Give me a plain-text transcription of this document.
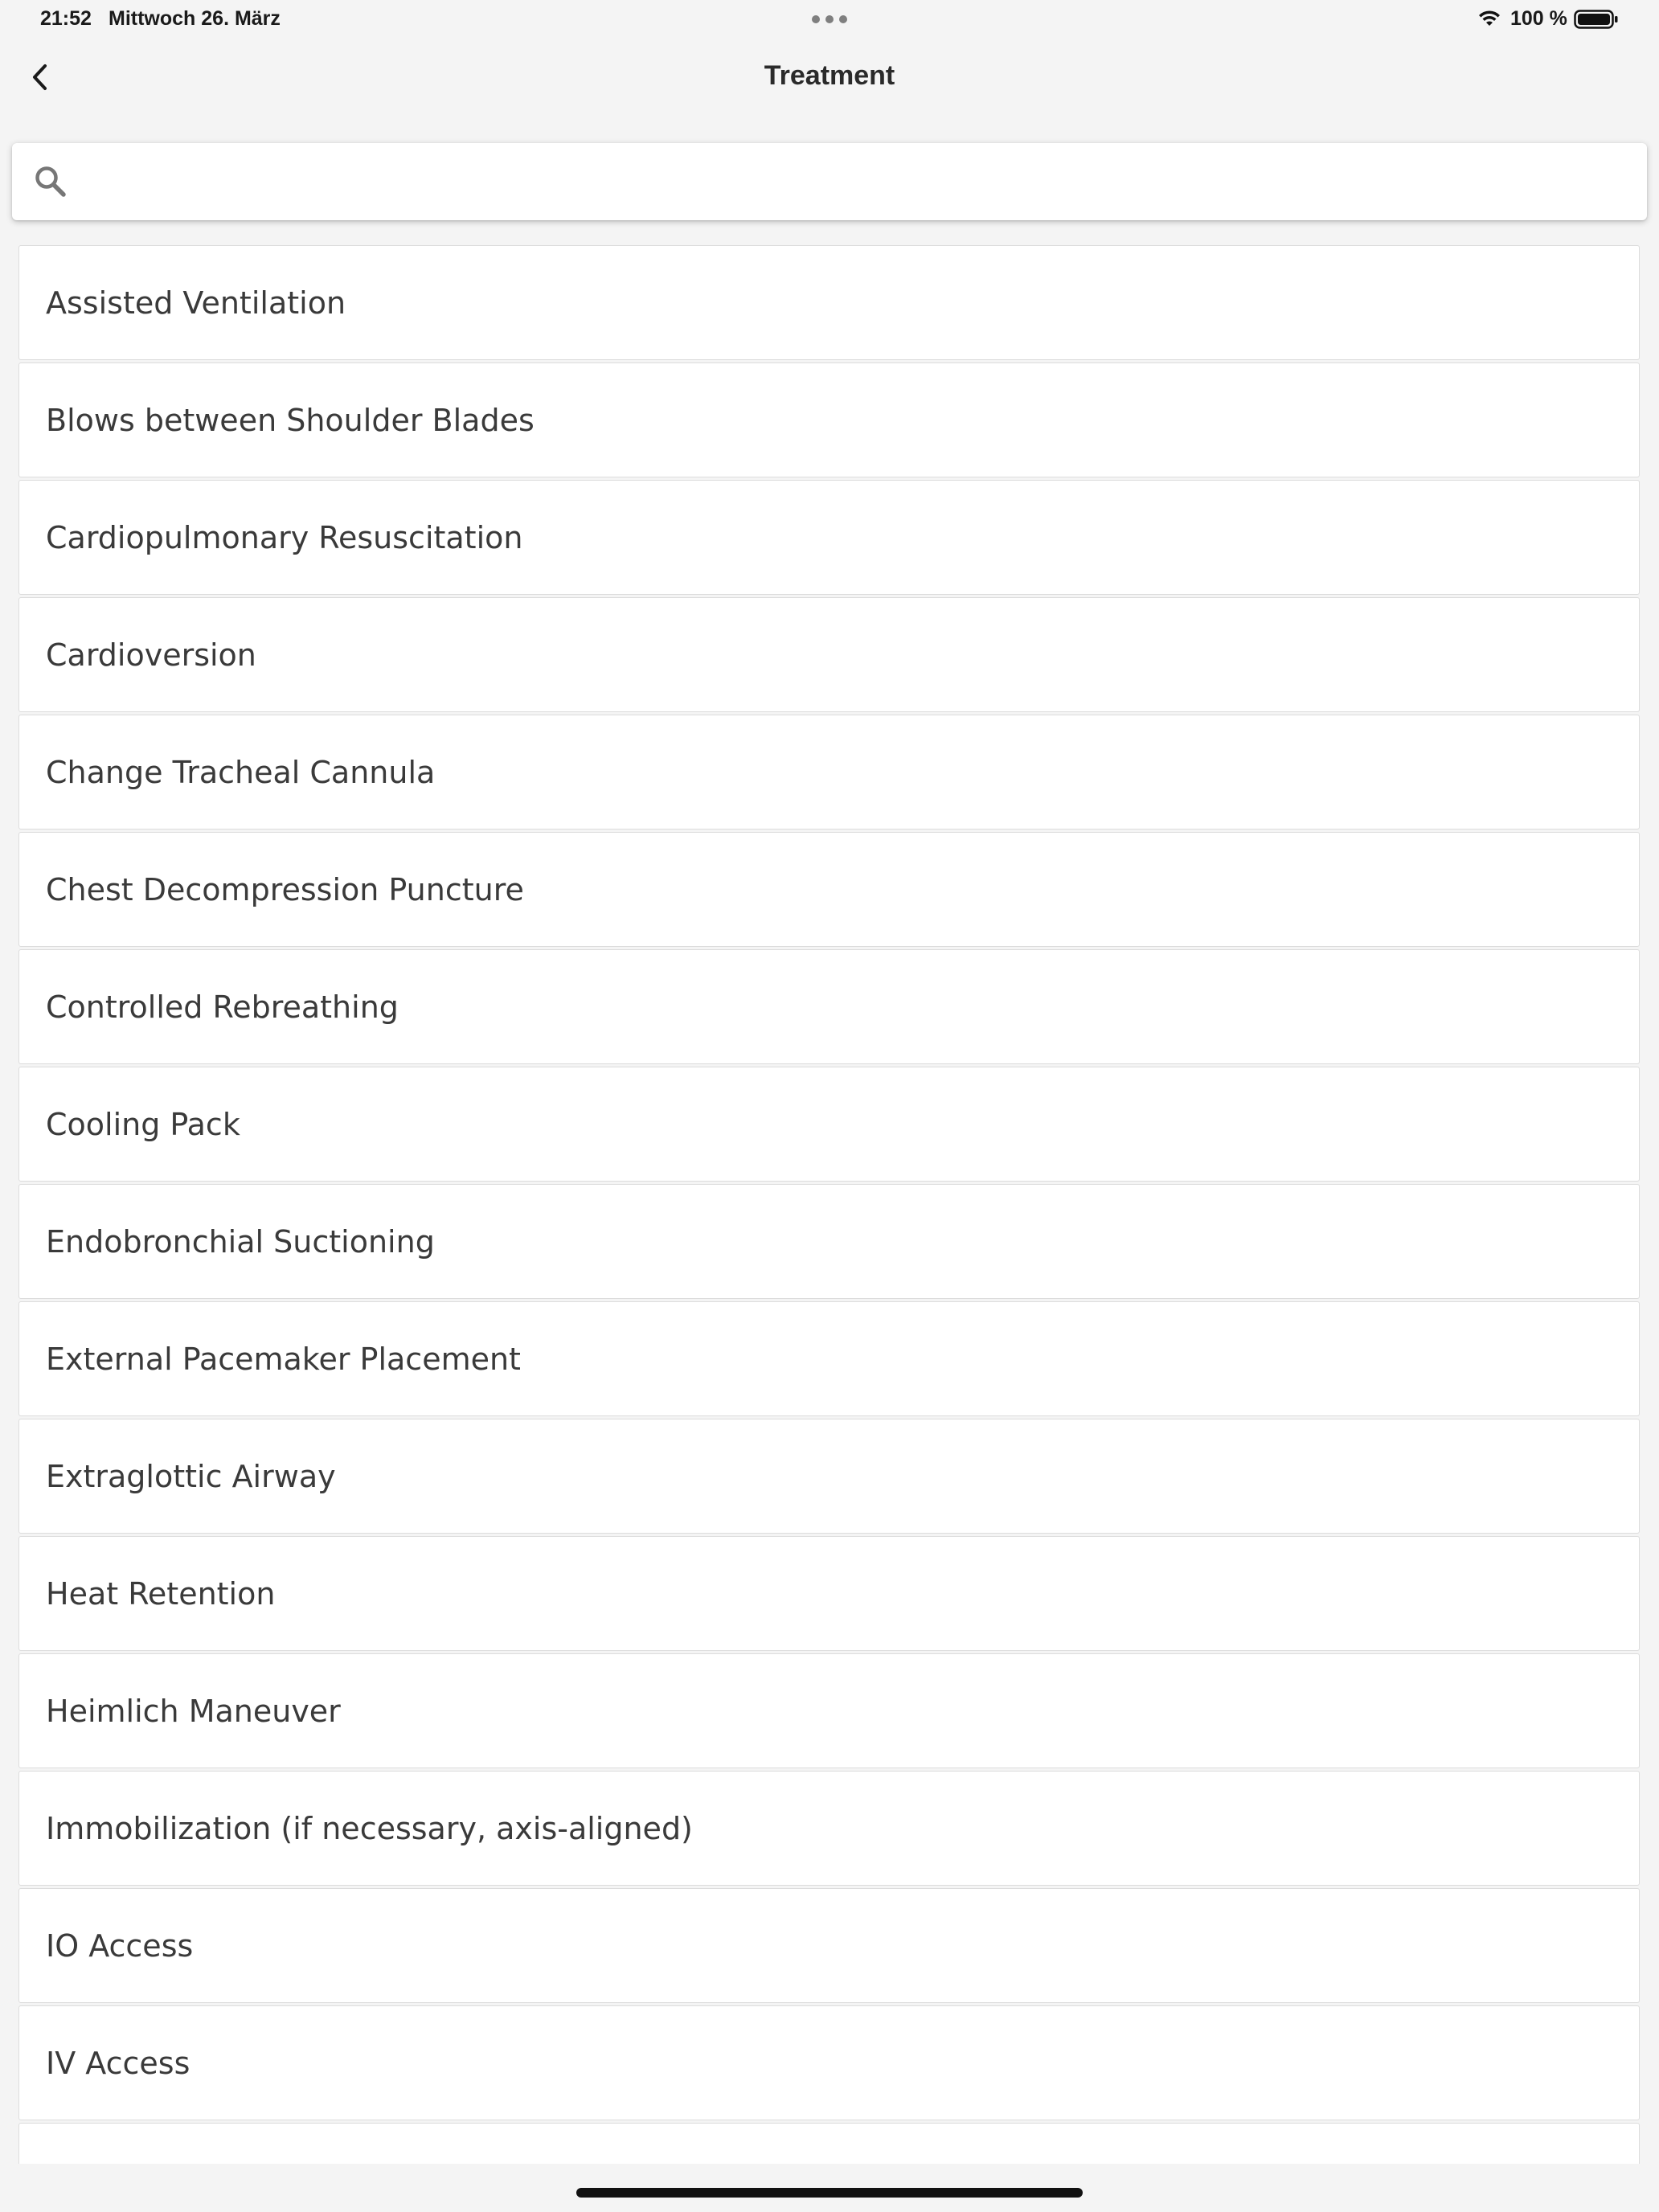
21:52 Mittwoch 26. März	100 %
Treatment
Assisted Ventilation
Blows between Shoulder Blades
Cardiopulmonary Resuscitation
Cardioversion
Change Tracheal Cannula
Chest Decompression Puncture
Controlled Rebreathing
Cooling Pack
Endobronchial Suctioning
External Pacemaker Placement
Extraglottic Airway
Heat Retention
Heimlich Maneuver
Immobilization (if necessary, axis-aligned)
IO Access
IV Access
